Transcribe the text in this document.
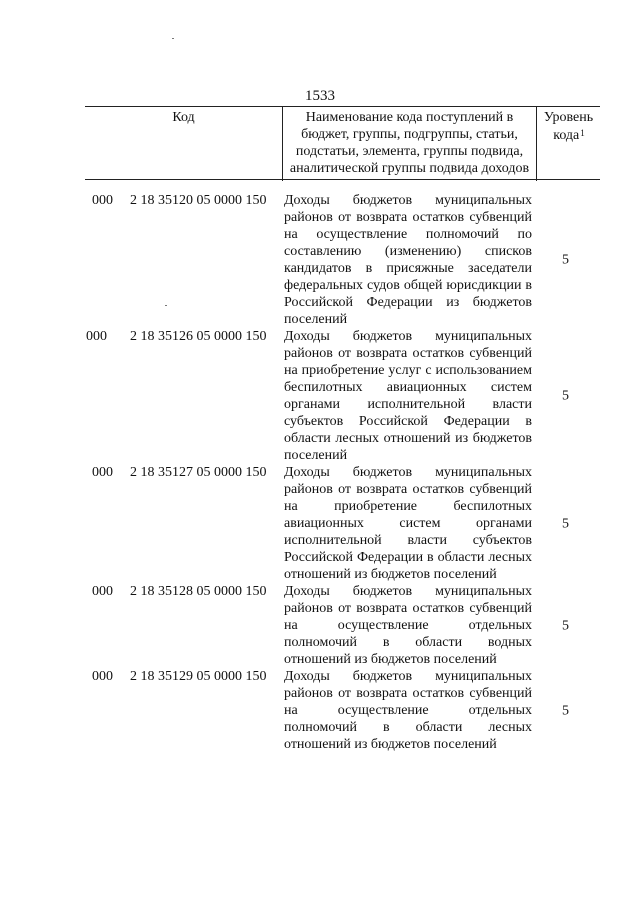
1533
Код	Наименование кода поступлений в
бюджет, группы, подгруппы, статьи,
подстатьи, элемента, группы подвида,
аналитической группы подвида доходов
Уровень
кода$^1$
000 2 18 35120 05 0000 150 Доходы бюджетов муниципальных районов от возврата остатков субвенций на осуществление полномочий по составлению (изменению) списков кандидатов в присяжные заседатели федеральных судов общей юрисдикции в Российской Федерации из бюджетов поселений
5
000 2 18 35126 05 0000 150 Доходы бюджетов муниципальных районов от возврата остатков субвенций на приобретение услуг с использованием беспилотных авиационных систем органами исполнительной власти субъектов Российской Федерации в области лесных отношений из бюджетов поселений
5
000 2 18 35127 05 0000 150 Доходы бюджетов муниципальных районов от возврата остатков субвенций на приобретение беспилотных авиационных систем органами исполнительной власти субъектов Российской Федерации в области лесных отношений из бюджетов поселений
5
000 2 18 35128 05 0000 150 Доходы бюджетов муниципальных районов от возврата остатков субвенций на осуществление отдельных полномочий в области водных отношений из бюджетов поселений
5
000 2 18 35129 05 0000 150 Доходы бюджетов муниципальных районов от возврата остатков субвенций на осуществление отдельных полномочий в области лесных отношений из бюджетов поселений
5
